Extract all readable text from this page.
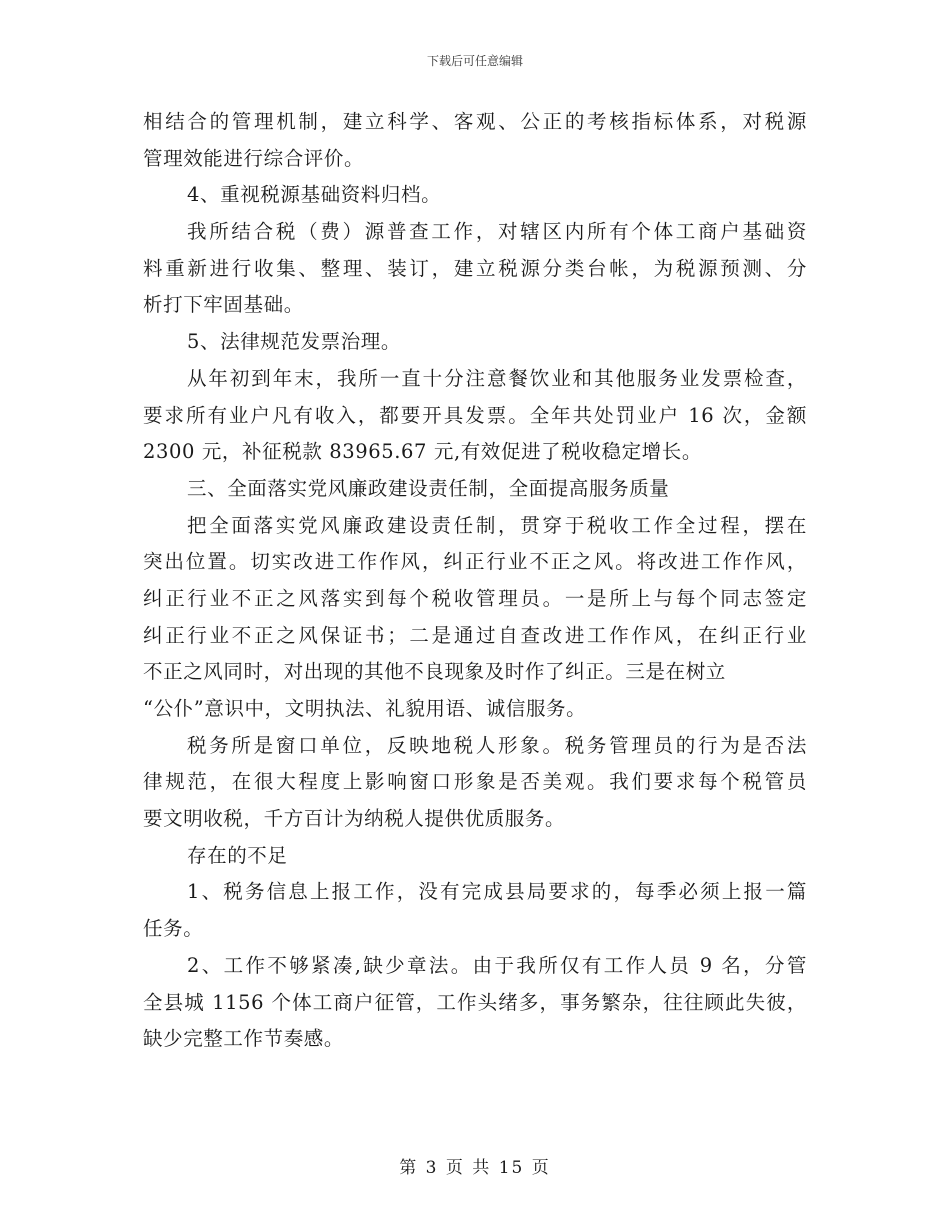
下载后可任意编辑
相结合的管理机制，建立科学、客观、公正的考核指标体系，对税源
管理效能进行综合评价。
4、重视税源基础资料归档。
我所结合税（费）源普查工作，对辖区内所有个体工商户基础资
料重新进行收集、整理、装订，建立税源分类台帐，为税源预测、分
析打下牢固基础。
5、法律规范发票治理。
从年初到年末，我所一直十分注意餐饮业和其他服务业发票检查，
要求所有业户凡有收入，都要开具发票。全年共处罚业户 16 次，金额
2300 元，补征税款 83965.67 元,有效促进了税收稳定增长。
三、全面落实党风廉政建设责任制，全面提高服务质量
把全面落实党风廉政建设责任制，贯穿于税收工作全过程，摆在
突出位置。切实改进工作作风，纠正行业不正之风。将改进工作作风，
纠正行业不正之风落实到每个税收管理员。一是所上与每个同志签定
纠正行业不正之风保证书；二是通过自查改进工作作风，在纠正行业
不正之风同时，对出现的其他不良现象及时作了纠正。三是在树立
“公仆”意识中，文明执法、礼貌用语、诚信服务。
税务所是窗口单位，反映地税人形象。税务管理员的行为是否法
律规范，在很大程度上影响窗口形象是否美观。我们要求每个税管员
要文明收税，千方百计为纳税人提供优质服务。
存在的不足
1、税务信息上报工作，没有完成县局要求的，每季必须上报一篇
任务。
2、工作不够紧凑,缺少章法。由于我所仅有工作人员 9 名，分管
全县城 1156 个体工商户征管，工作头绪多，事务繁杂，往往顾此失彼，
缺少完整工作节奏感。
第 3 页 共 15 页
